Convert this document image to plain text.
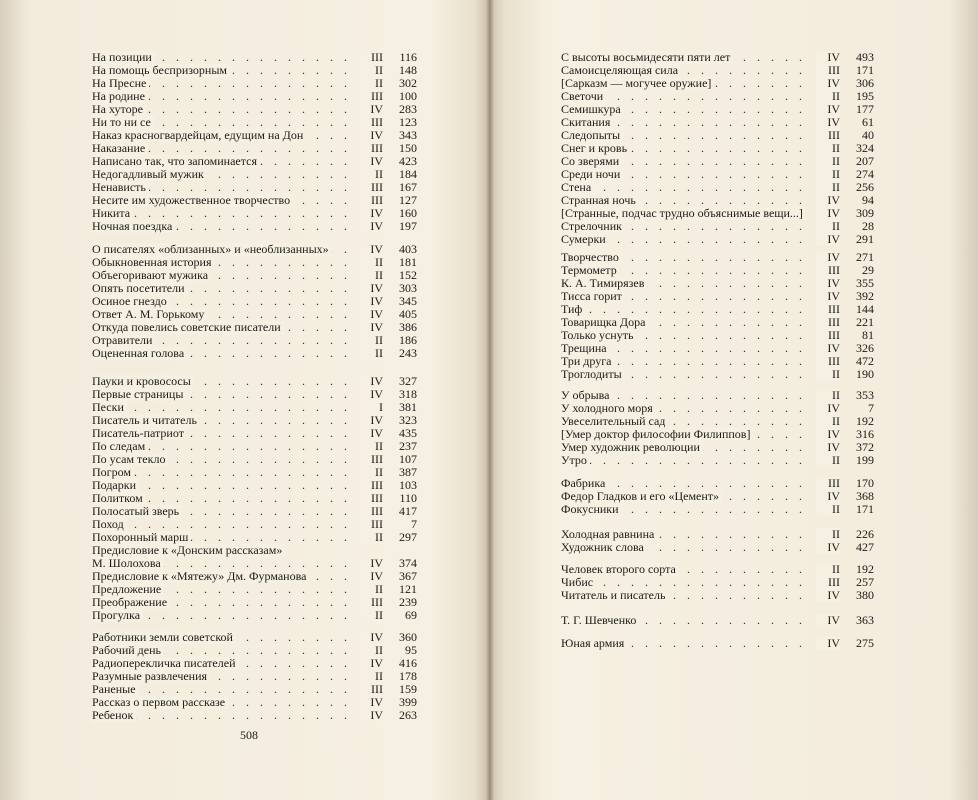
. . .
На позиции	III	116
. . .
На помощь беспризорным	II	148
. . .
На Пресне	II	302
. . .
На родине	III	100
. . .
На хуторе	IV	283
. . .
Ни то ни се	III	123
. . .
Наказ красногвардейцам, едущим на Дон	IV	343
. . .
Наказание	III	150
. . .
Написано так, что запоминается	IV	423
. . .
Недогадливый мужик	II	184
. . .
Ненависть	III	167
. . .
Несите им художественное творчество	III	127
. . .
Никита	IV	160
. . .
Ночная поездка	IV	197
. . .
О писателях «облизанных» и «необлизанных»	IV	403
. . .
Обыкновенная история	II	181
. . .
Объегоривают мужика	II	152
. . .
Опять посетители	IV	303
. . .
Осиное гнездо	IV	345
. . .
Ответ А. М. Горькому	IV	405
. . .
Откуда повелись советские писатели	IV	386
. . .
Отравители	II	186
. . .
Оцененная голова	II	243
. . .
Пауки и кровососы	IV	327
. . .
Первые страницы	IV	318
. . .
Пески	I	381
. . .
Писатель и читатель	IV	323
. . .
Писатель-патриот	IV	435
. . .
По следам	II	237
. . .
По усам текло	III	107
. . .
Погром	II	387
. . .
Подарки	III	103
. . .
Политком	III	110
. . .
Полосатый зверь	III	417
. . .
Поход	III	7
. . .
Похоронный марш	II	297
Предисловие к «Донским рассказам»
. . .
М. Шолохова	IV	374
. . .
Предисловие к «Мятежу» Дм. Фурманова	IV	367
. . .
Предложение	II	121
. . .
Преображение	III	239
. . .
Прогулка	II	69
. . .
Работники земли советской	IV	360
. . .
Рабочий день	II	95
. . .
Радиоперекличка писателей	IV	416
. . .
Разумные развлечения	II	178
. . .
Раненые	III	159
. . .
Рассказ о первом рассказе	IV	399
. . .
Ребенок	IV	263
508
. . .
С высоты восьмидесяти пяти лет	IV	493
. . .
Самоисцеляющая сила	III	171
. . .
[Сарказм — могучее оружие]	IV	306
. . .
Светочи	II	195
. . .
Семишкура	IV	177
. . .
Скитания	IV	61
. . .
Следопыты	III	40
. . .
Снег и кровь	II	324
. . .
Со зверями	II	207
. . .
Среди ночи	II	274
. . .
Стена	II	256
. . .
Странная ночь	IV	94
. . .
[Странные, подчас трудно объяснимые вещи...]	IV	309
. . .
Стрелочник	II	28
. . .
Сумерки	IV	291
. . .
Творчество	IV	271
. . .
Термометр	III	29
. . .
К. А. Тимирязев	IV	355
. . .
Тисса горит	IV	392
. . .
Тиф	III	144
. . .
Товарищка Дора	III	221
. . .
Только уснуть	III	81
. . .
Трещина	IV	326
. . .
Три друга	III	472
. . .
Троглодиты	II	190
. . .
У обрыва	II	353
. . .
У холодного моря	IV	7
. . .
Увеселительный сад	II	192
. . .
[Умер доктор философии Филиппов]	IV	316
. . .
Умер художник революции	IV	372
. . .
Утро	II	199
. . .
Фабрика	III	170
. . .
Федор Гладков и его «Цемент»	IV	368
. . .
Фокусники	II	171
. . .
Холодная равнина	II	226
. . .
Художник слова	IV	427
. . .
Человек второго сорта	II	192
. . .
Чибис	III	257
. . .
Читатель и писатель	IV	380
. . .
Т. Г. Шевченко	IV	363
. . .
Юная армия	IV	275
